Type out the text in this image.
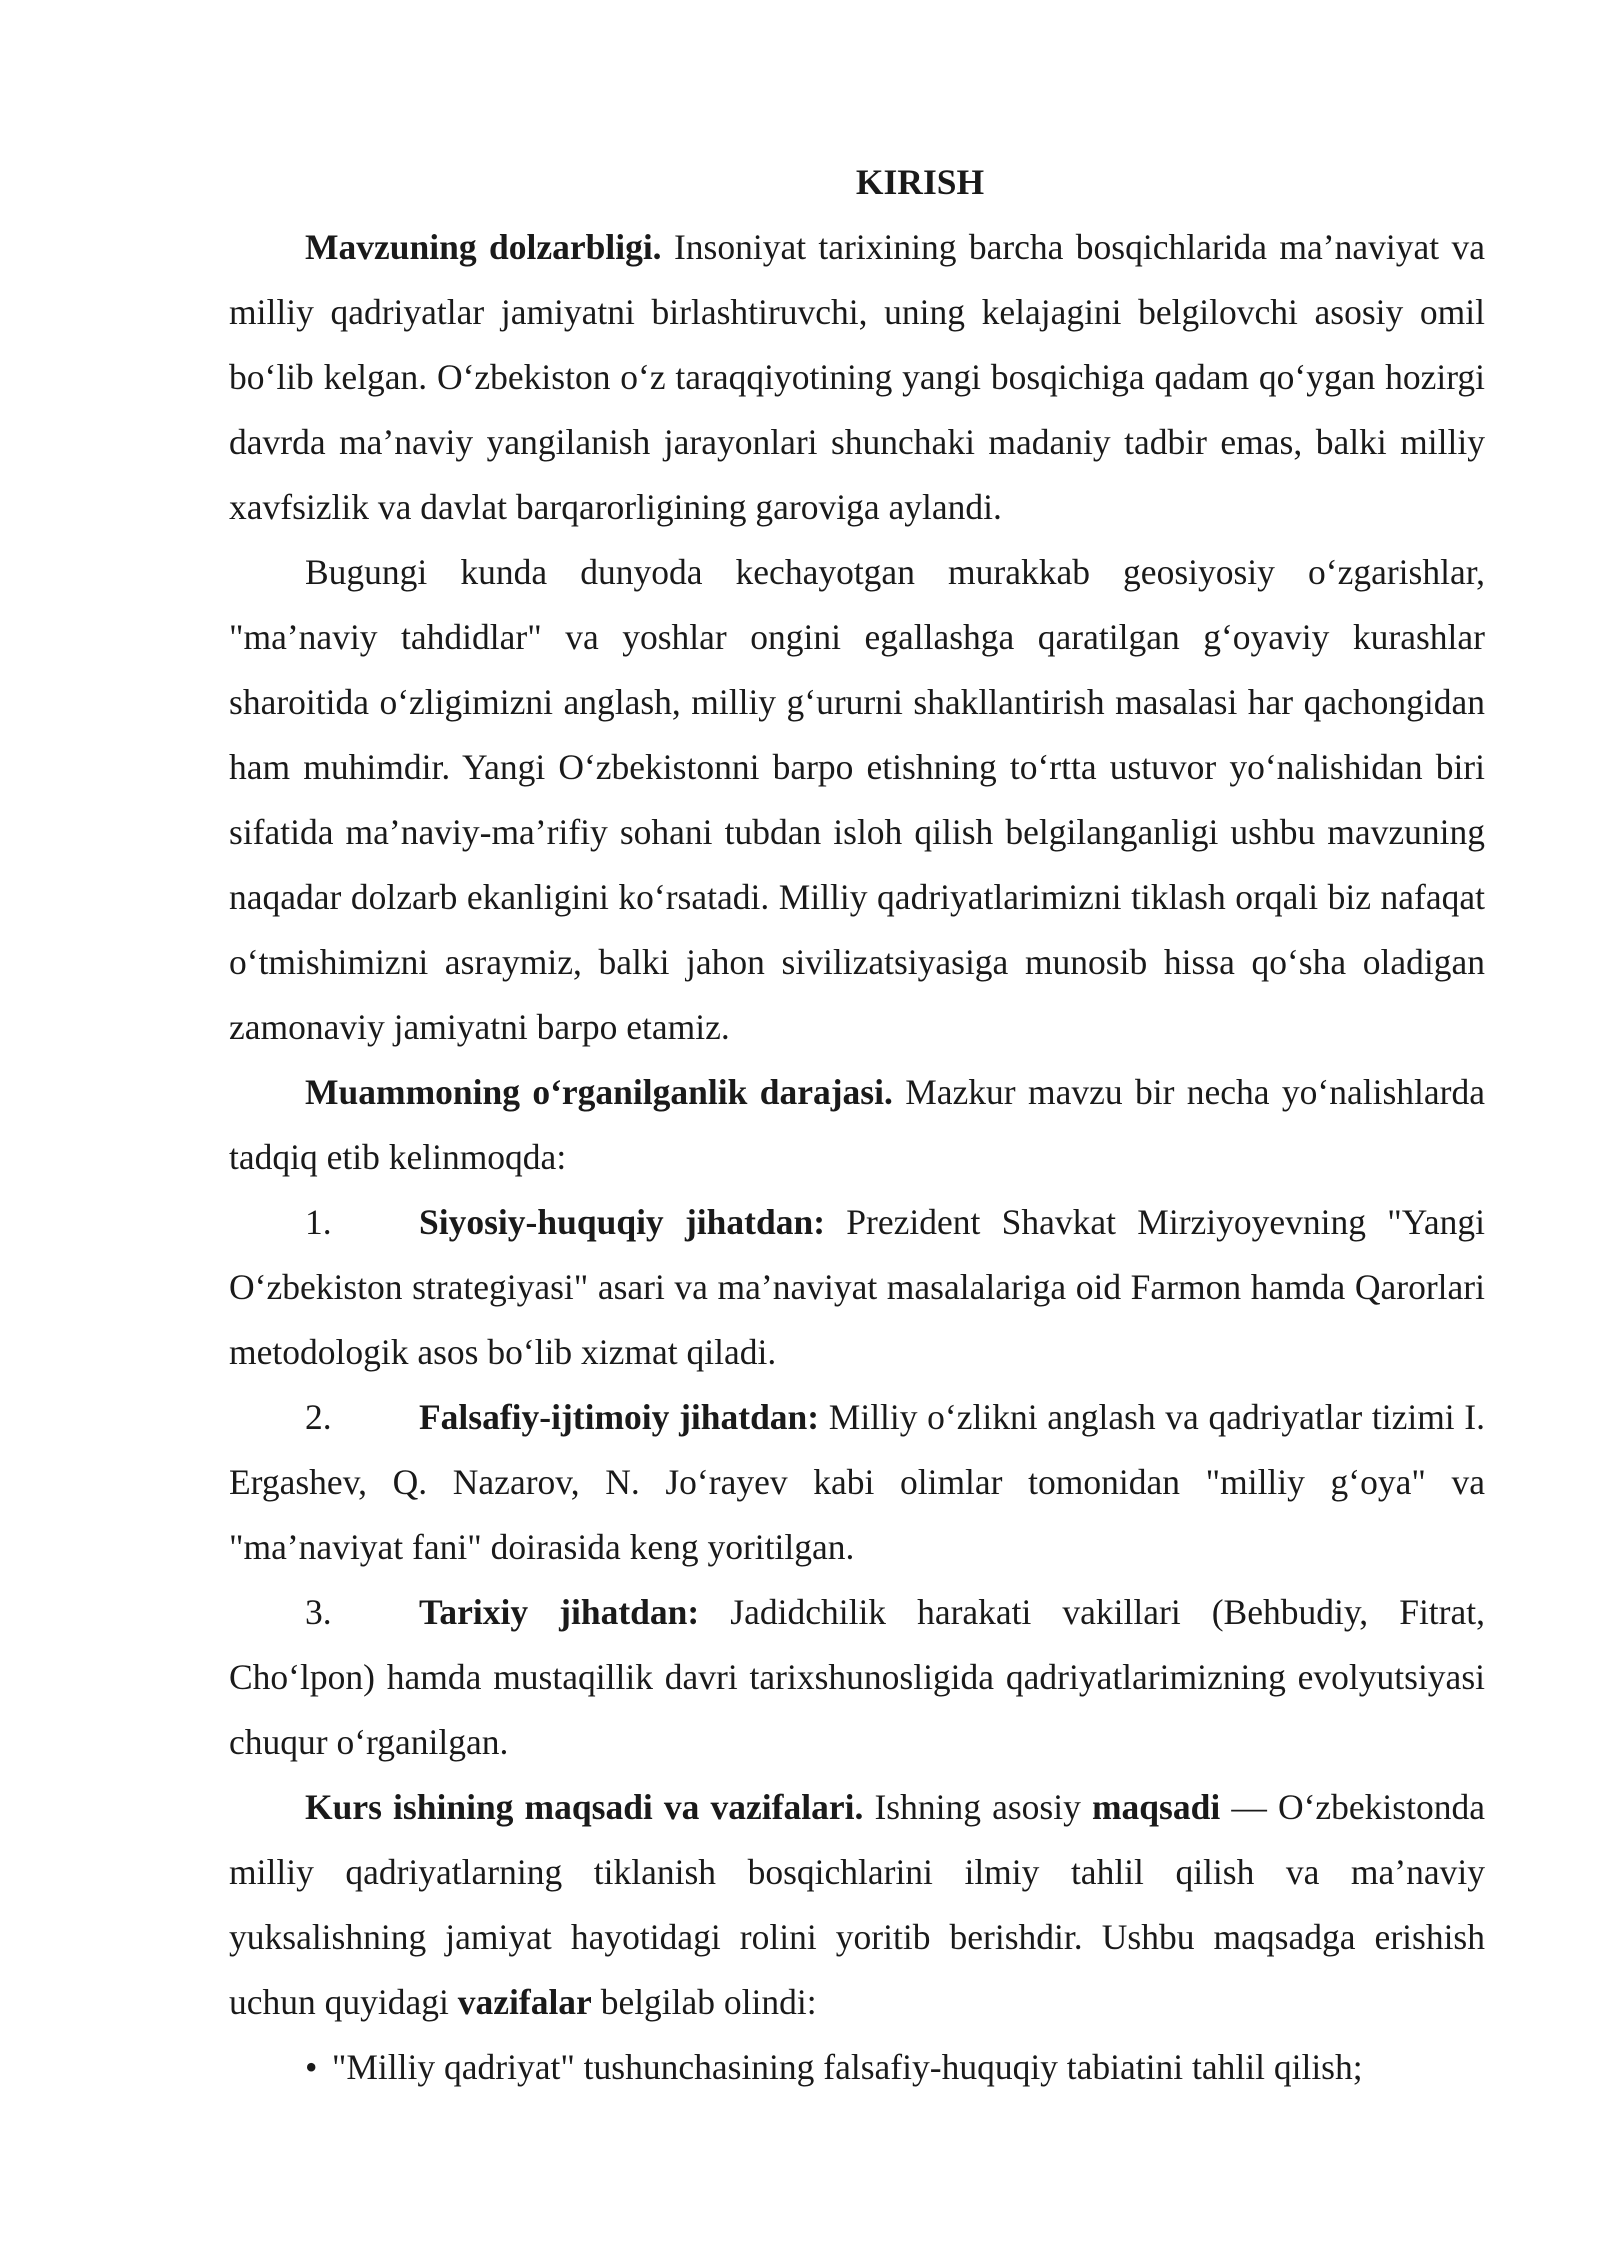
KIRISH

Mavzuning dolzarbligi. Insoniyat tarixining barcha bosqichlarida ma’naviyat va milliy qadriyatlar jamiyatni birlashtiruvchi, uning kelajagini belgilovchi asosiy omil bo‘lib kelgan. O‘zbekiston o‘z taraqqiyotining yangi bosqichiga qadam qo‘ygan hozirgi davrda ma’naviy yangilanish jarayonlari shunchaki madaniy tadbir emas, balki milliy xavfsizlik va davlat barqarorligining garoviga aylandi.

Bugungi kunda dunyoda kechayotgan murakkab geosiyosiy o‘zgarishlar, "ma’naviy tahdidlar" va yoshlar ongini egallashga qaratilgan g‘oyaviy kurashlar sharoitida o‘zligimizni anglash, milliy g‘ururni shakllantirish masalasi har qachongidan ham muhimdir. Yangi O‘zbekistonni barpo etishning to‘rtta ustuvor yo‘nalishidan biri sifatida ma’naviy-ma’rifiy sohani tubdan isloh qilish belgilanganligi ushbu mavzuning naqadar dolzarb ekanligini ko‘rsatadi. Milliy qadriyatlarimizni tiklash orqali biz nafaqat o‘tmishimizni asraymiz, balki jahon sivilizatsiyasiga munosib hissa qo‘sha oladigan zamonaviy jamiyatni barpo etamiz.

Muammoning o‘rganilganlik darajasi. Mazkur mavzu bir necha yo‘nalishlarda tadqiq etib kelinmoqda:

1. Siyosiy-huquqiy jihatdan: Prezident Shavkat Mirziyoyevning "Yangi O‘zbekiston strategiyasi" asari va ma’naviyat masalalariga oid Farmon hamda Qarorlari metodologik asos bo‘lib xizmat qiladi.

2. Falsafiy-ijtimoiy jihatdan: Milliy o‘zlikni anglash va qadriyatlar tizimi I. Ergashev, Q. Nazarov, N. Jo‘rayev kabi olimlar tomonidan "milliy g‘oya" va "ma’naviyat fani" doirasida keng yoritilgan.

3. Tarixiy jihatdan: Jadidchilik harakati vakillari (Behbudiy, Fitrat, Cho‘lpon) hamda mustaqillik davri tarixshunosligida qadriyatlarimizning evolyutsiyasi chuqur o‘rganilgan.

Kurs ishining maqsadi va vazifalari. Ishning asosiy maqsadi — O‘zbekistonda milliy qadriyatlarning tiklanish bosqichlarini ilmiy tahlil qilish va ma’naviy yuksalishning jamiyat hayotidagi rolini yoritib berishdir. Ushbu maqsadga erishish uchun quyidagi vazifalar belgilab olindi:

• "Milliy qadriyat" tushunchasining falsafiy-huquqiy tabiatini tahlil qilish;
